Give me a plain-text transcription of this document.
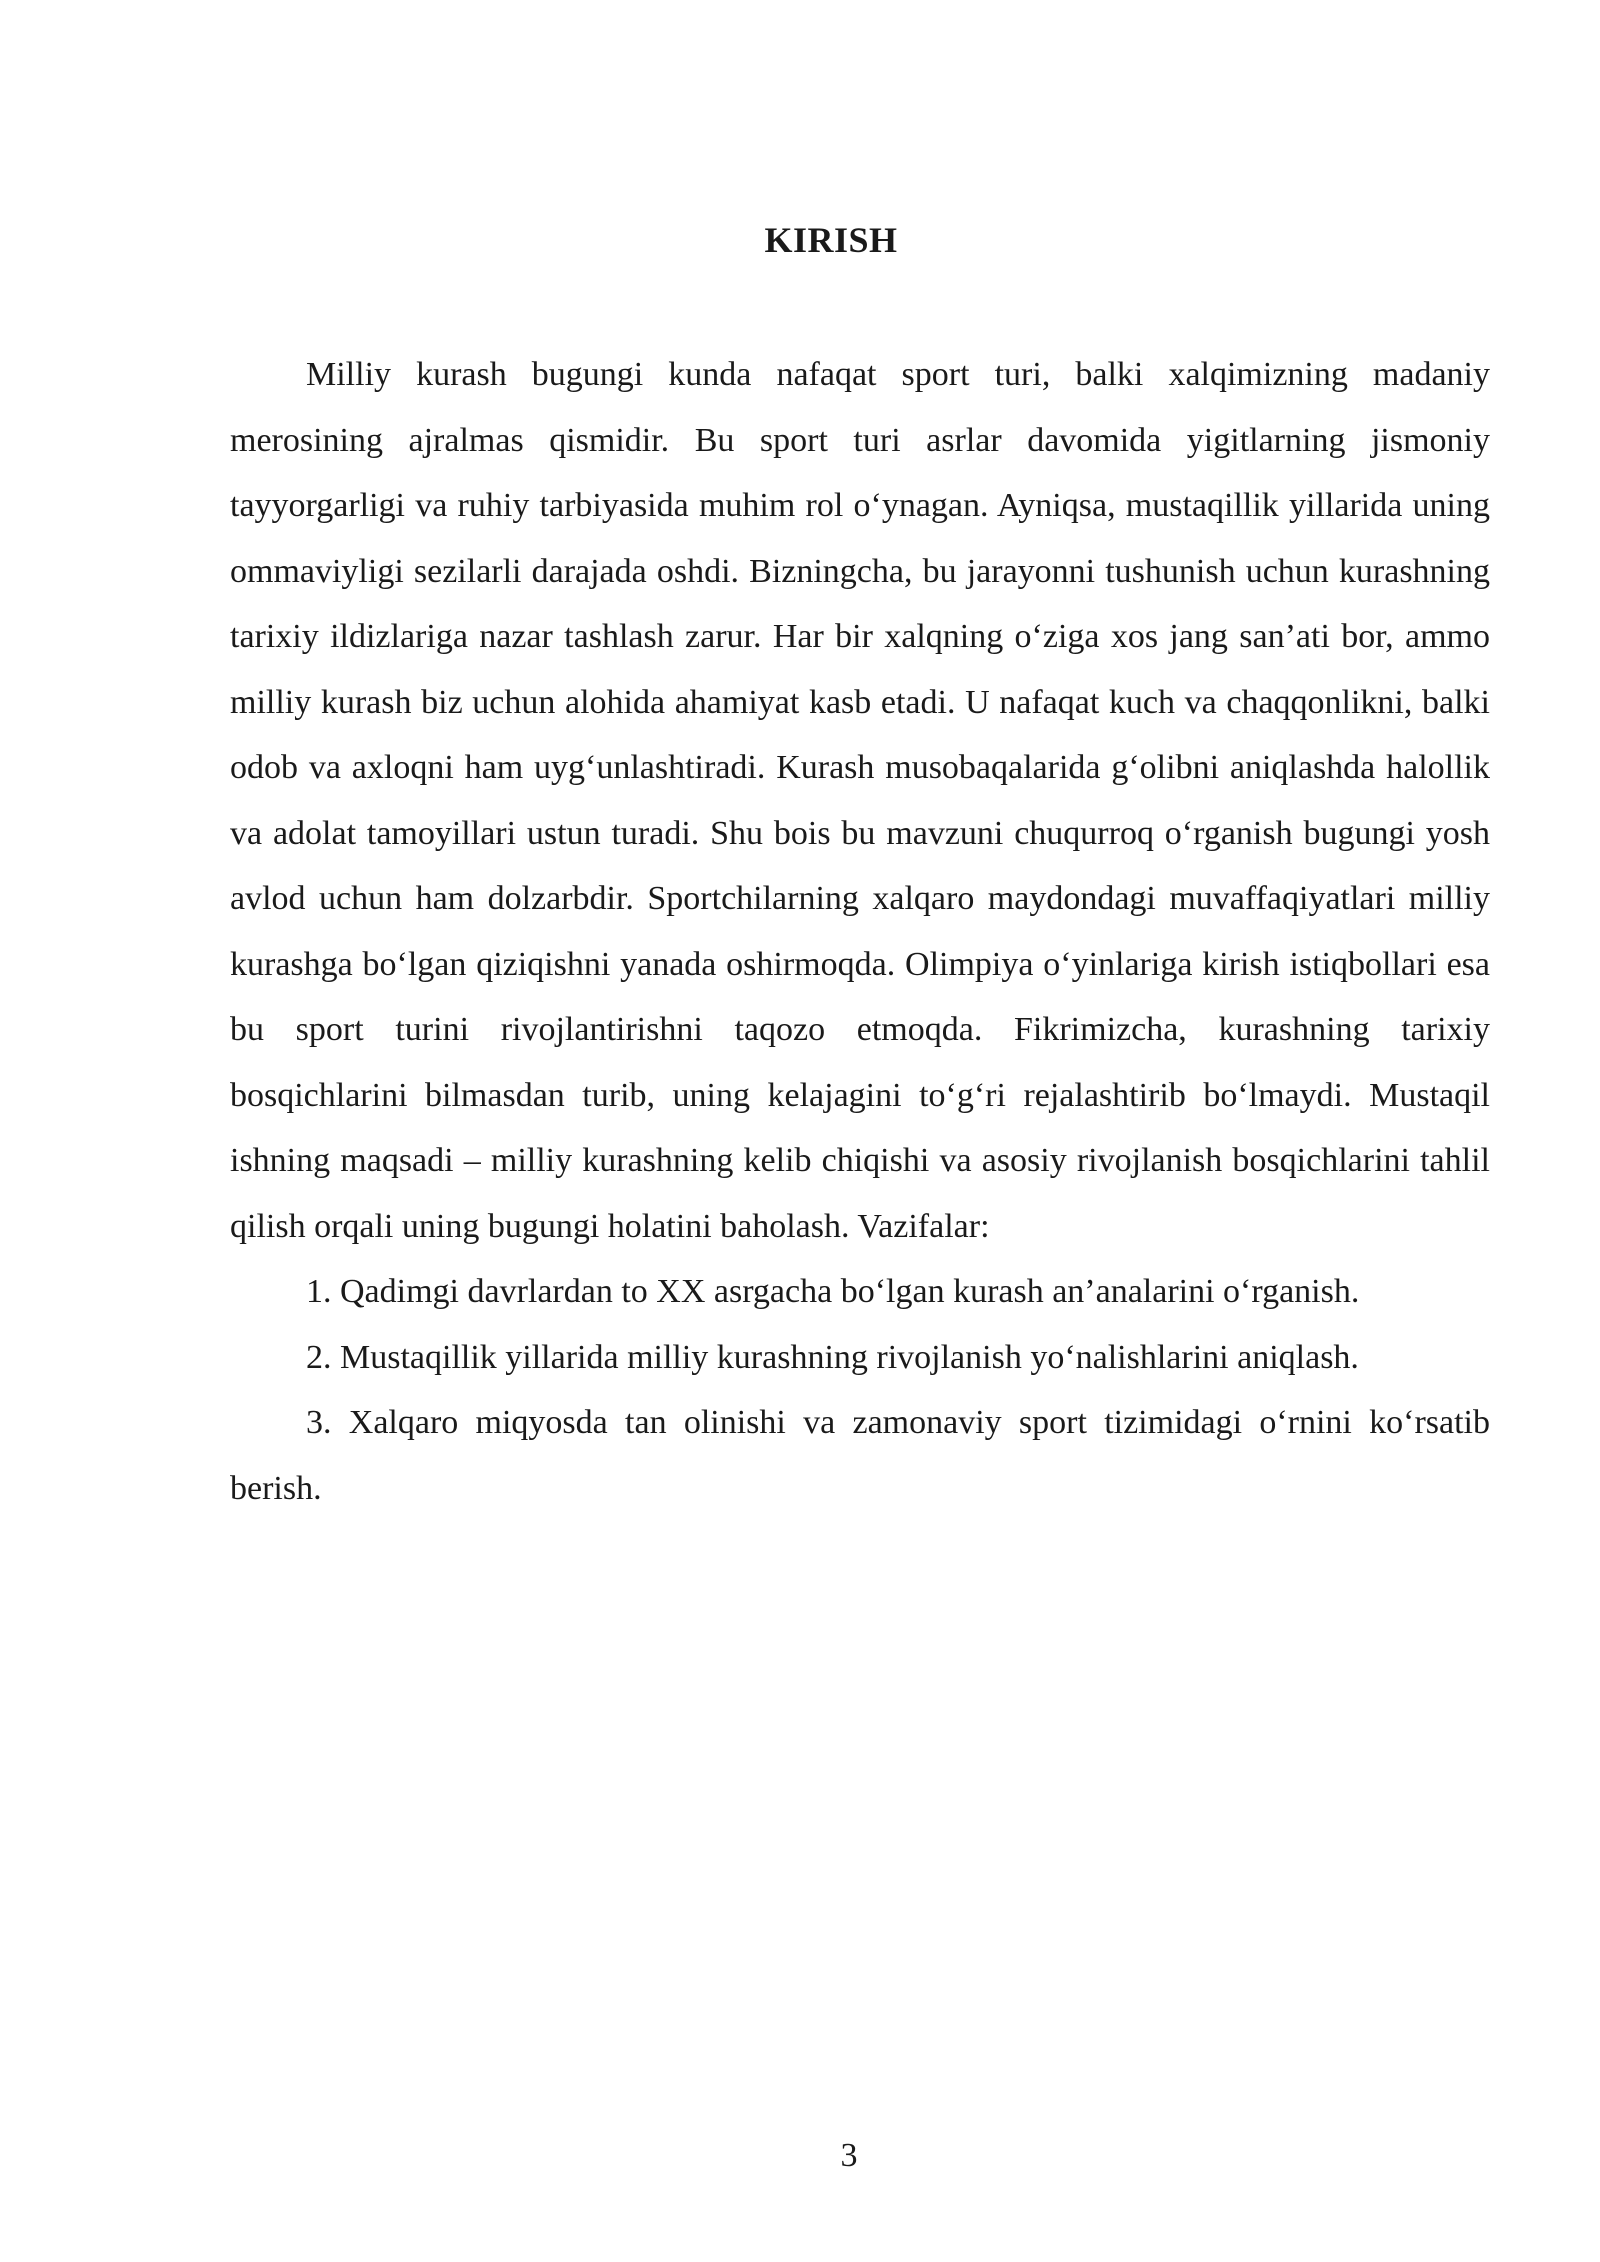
KIRISH

Milliy kurash bugungi kunda nafaqat sport turi, balki xalqimizning madaniy merosining ajralmas qismidir. Bu sport turi asrlar davomida yigitlarning jismoniy tayyorgarligi va ruhiy tarbiyasida muhim rol o‘ynagan. Ayniqsa, mustaqillik yillarida uning ommaviyligi sezilarli darajada oshdi. Bizningcha, bu jarayonni tushunish uchun kurashning tarixiy ildizlariga nazar tashlash zarur. Har bir xalqning o‘ziga xos jang san’ati bor, ammo milliy kurash biz uchun alohida ahamiyat kasb etadi. U nafaqat kuch va chaqqonlikni, balki odob va axloqni ham uyg‘unlashtiradi. Kurash musobaqalarida g‘olibni aniqlashda halollik va adolat tamoyillari ustun turadi. Shu bois bu mavzuni chuqurroq o‘rganish bugungi yosh avlod uchun ham dolzarbdir. Sportchilarning xalqaro maydondagi muvaffaqiyatlari milliy kurashga bo‘lgan qiziqishni yanada oshirmoqda. Olimpiya o‘yinlariga kirish istiqbollari esa bu sport turini rivojlantirishni taqozo etmoqda. Fikrimizcha, kurashning tarixiy bosqichlarini bilmasdan turib, uning kelajagini to‘g‘ri rejalashtirib bo‘lmaydi. Mustaqil ishning maqsadi – milliy kurashning kelib chiqishi va asosiy rivojlanish bosqichlarini tahlil qilish orqali uning bugungi holatini baholash. Vazifalar:

1. Qadimgi davrlardan to XX asrgacha bo‘lgan kurash an’analarini o‘rganish.

2. Mustaqillik yillarida milliy kurashning rivojlanish yo‘nalishlarini aniqlash.

3. Xalqaro miqyosda tan olinishi va zamonaviy sport tizimidagi o‘rnini ko‘rsatib berish.

3
